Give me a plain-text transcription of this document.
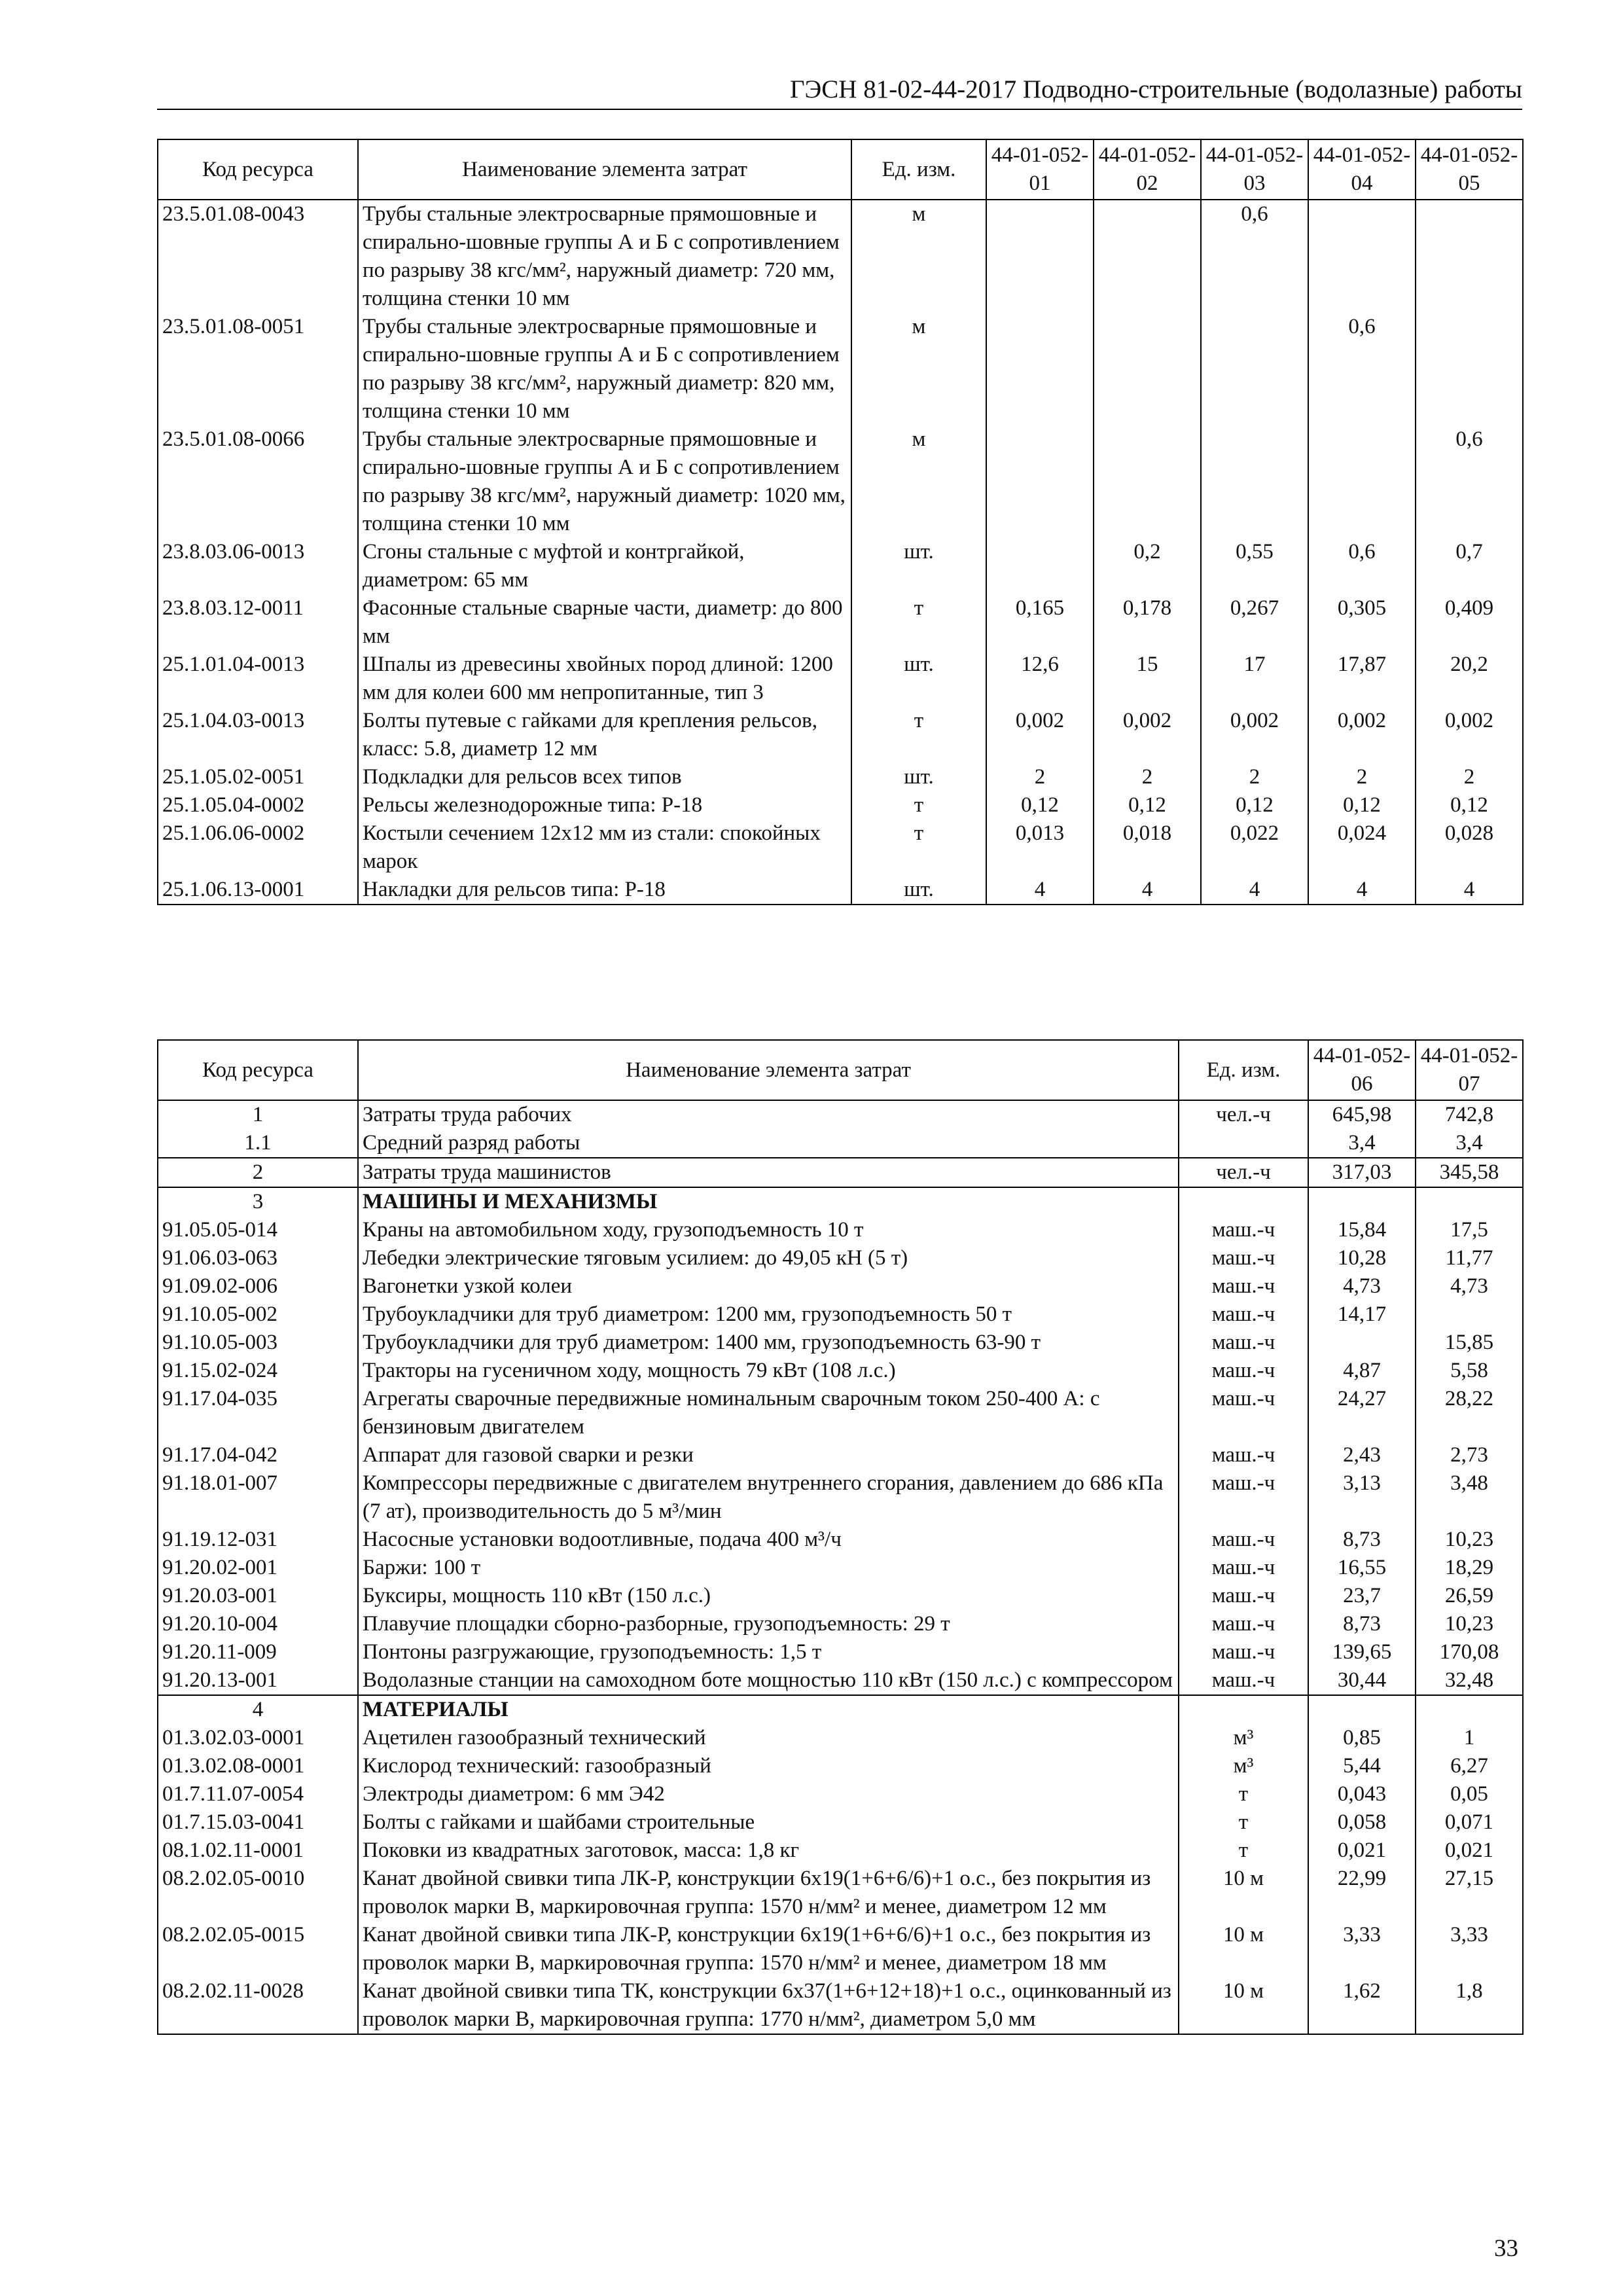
ГЭСН 81-02-44-2017 Подводно-строительные (водолазные) работы
Код ресурса	Наименование элемента затрат	Ед. изм.	44-01-052-01	44-01-052-02	44-01-052-03	44-01-052-04	44-01-052-05
23.5.01.08-0043	Трубы стальные электросварные прямошовные и спирально-шовные группы А и Б с сопротивлением по разрыву 38 кгс/мм², наружный диаметр: 720 мм, толщина стенки 10 мм	м			0,6		
23.5.01.08-0051	Трубы стальные электросварные прямошовные и спирально-шовные группы А и Б с сопротивлением по разрыву 38 кгс/мм², наружный диаметр: 820 мм, толщина стенки 10 мм	м				0,6	
23.5.01.08-0066	Трубы стальные электросварные прямошовные и спирально-шовные группы А и Б с сопротивлением по разрыву 38 кгс/мм², наружный диаметр: 1020 мм, толщина стенки 10 мм	м					0,6
23.8.03.06-0013	Сгоны стальные с муфтой и контргайкой, диаметром: 65 мм	шт.		0,2	0,55	0,6	0,7
23.8.03.12-0011	Фасонные стальные сварные части, диаметр: до 800 мм	т	0,165	0,178	0,267	0,305	0,409
25.1.01.04-0013	Шпалы из древесины хвойных пород длиной: 1200 мм для колеи 600 мм непропитанные, тип 3	шт.	12,6	15	17	17,87	20,2
25.1.04.03-0013	Болты путевые с гайками для крепления рельсов, класс: 5.8, диаметр 12 мм	т	0,002	0,002	0,002	0,002	0,002
25.1.05.02-0051	Подкладки для рельсов всех типов	шт.	2	2	2	2	2
25.1.05.04-0002	Рельсы железнодорожные типа: Р-18	т	0,12	0,12	0,12	0,12	0,12
25.1.06.06-0002	Костыли сечением 12х12 мм из стали: спокойных марок	т	0,013	0,018	0,022	0,024	0,028
25.1.06.13-0001	Накладки для рельсов типа: Р-18	шт.	4	4	4	4	4
Код ресурса	Наименование элемента затрат	Ед. изм.	44-01-052-06	44-01-052-07
1	Затраты труда рабочих	чел.-ч	645,98	742,8
1.1	Средний разряд работы		3,4	3,4
2	Затраты труда машинистов	чел.-ч	317,03	345,58
3	МАШИНЫ И МЕХАНИЗМЫ			
91.05.05-014	Краны на автомобильном ходу, грузоподъемность 10 т	маш.-ч	15,84	17,5
91.06.03-063	Лебедки электрические тяговым усилием: до 49,05 кН (5 т)	маш.-ч	10,28	11,77
91.09.02-006	Вагонетки узкой колеи	маш.-ч	4,73	4,73
91.10.05-002	Трубоукладчики для труб диаметром: 1200 мм, грузоподъемность 50 т	маш.-ч	14,17	
91.10.05-003	Трубоукладчики для труб диаметром: 1400 мм, грузоподъемность 63-90 т	маш.-ч		15,85
91.15.02-024	Тракторы на гусеничном ходу, мощность 79 кВт (108 л.с.)	маш.-ч	4,87	5,58
91.17.04-035	Агрегаты сварочные передвижные номинальным сварочным током 250-400 А: с бензиновым двигателем	маш.-ч	24,27	28,22
91.17.04-042	Аппарат для газовой сварки и резки	маш.-ч	2,43	2,73
91.18.01-007	Компрессоры передвижные с двигателем внутреннего сгорания, давлением до 686 кПа (7 ат), производительность до 5 м³/мин	маш.-ч	3,13	3,48
91.19.12-031	Насосные установки водоотливные, подача 400 м³/ч	маш.-ч	8,73	10,23
91.20.02-001	Баржи: 100 т	маш.-ч	16,55	18,29
91.20.03-001	Буксиры, мощность 110 кВт (150 л.с.)	маш.-ч	23,7	26,59
91.20.10-004	Плавучие площадки сборно-разборные, грузоподъемность: 29 т	маш.-ч	8,73	10,23
91.20.11-009	Понтоны разгружающие, грузоподъемность: 1,5 т	маш.-ч	139,65	170,08
91.20.13-001	Водолазные станции на самоходном боте мощностью 110 кВт (150 л.с.) с компрессором	маш.-ч	30,44	32,48
4	МАТЕРИАЛЫ			
01.3.02.03-0001	Ацетилен газообразный технический	м³	0,85	1
01.3.02.08-0001	Кислород технический: газообразный	м³	5,44	6,27
01.7.11.07-0054	Электроды диаметром: 6 мм Э42	т	0,043	0,05
01.7.15.03-0041	Болты с гайками и шайбами строительные	т	0,058	0,071
08.1.02.11-0001	Поковки из квадратных заготовок, масса: 1,8 кг	т	0,021	0,021
08.2.02.05-0010	Канат двойной свивки типа ЛК-Р, конструкции 6х19(1+6+6/6)+1 о.с., без покрытия из проволок марки В, маркировочная группа: 1570 н/мм² и менее, диаметром 12 мм	10 м	22,99	27,15
08.2.02.05-0015	Канат двойной свивки типа ЛК-Р, конструкции 6х19(1+6+6/6)+1 о.с., без покрытия из проволок марки В, маркировочная группа: 1570 н/мм² и менее, диаметром 18 мм	10 м	3,33	3,33
08.2.02.11-0028	Канат двойной свивки типа ТК, конструкции 6х37(1+6+12+18)+1 о.с., оцинкованный из проволок марки В, маркировочная группа: 1770 н/мм², диаметром 5,0 мм	10 м	1,62	1,8
33
